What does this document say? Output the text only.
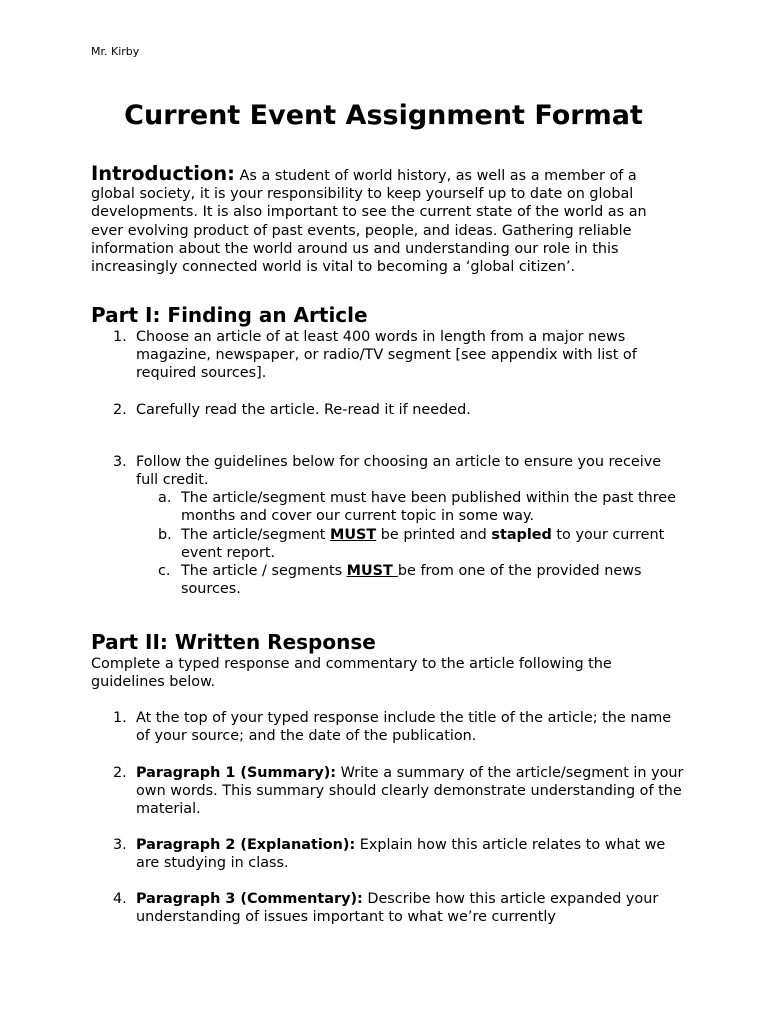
Mr. Kirby
Current Event Assignment Format

Introduction: As a student of world history, as well as a member of a global society, it is your responsibility to keep yourself up to date on global developments. It is also important to see the current state of the world as an ever evolving product of past events, people, and ideas. Gathering reliable information about the world around us and understanding our role in this increasingly connected world is vital to becoming a ‘global citizen’.

Part I: Finding an Article
1. Choose an article of at least 400 words in length from a major news magazine, newspaper, or radio/TV segment [see appendix with list of required sources].
2. Carefully read the article. Re-read it if needed.
3. Follow the guidelines below for choosing an article to ensure you receive full credit.
a. The article/segment must have been published within the past three months and cover our current topic in some way.
b. The article/segment MUST be printed and stapled to your current event report.
c. The article / segments MUST be from one of the provided news sources.
Part II: Written Response

Complete a typed response and commentary to the article following the guidelines below.

1. At the top of your typed response include the title of the article; the name of your source; and the date of the publication.
2. Paragraph 1 (Summary): Write a summary of the article/segment in your own words. This summary should clearly demonstrate understanding of the material.
3. Paragraph 2 (Explanation): Explain how this article relates to what we are studying in class.
4. Paragraph 3 (Commentary): Describe how this article expanded your understanding of issues important to what we’re currently
